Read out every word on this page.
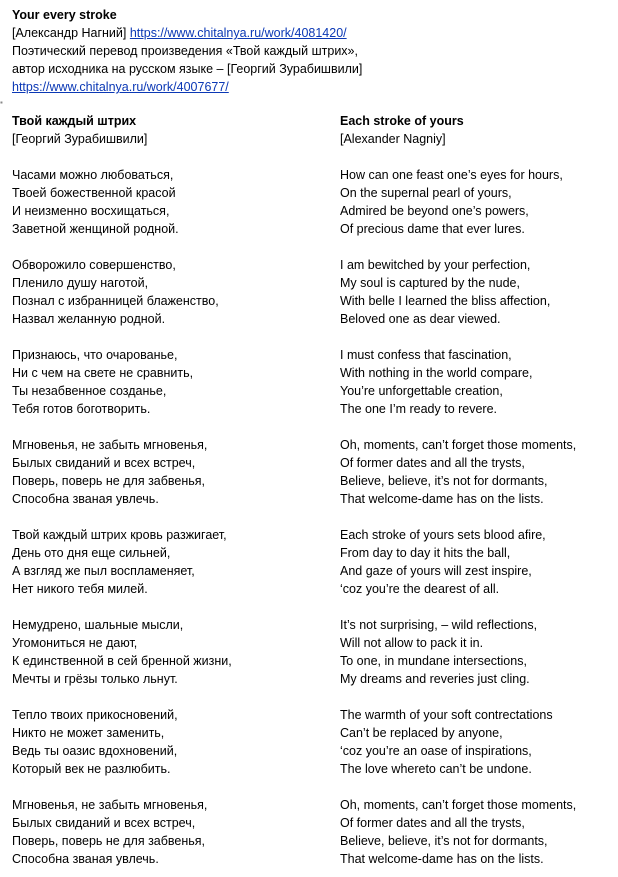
Your every stroke
[Александр Нагний] https://www.chitalnya.ru/work/4081420/
Поэтический перевод произведения «Твой каждый штрих»,
автор исходника на русском языке – [Георгий Зурабишвили]
https://www.chitalnya.ru/work/4007677/
▪
Твой каждый штрих
[Георгий Зурабишвили]
Часами можно любоваться,
Твоей божественной красой
И неизменно восхищаться,
Заветной женщиной родной.
Обворожило совершенство,
Пленило душу наготой,
Познал с избранницей блаженство,
Назвал желанную родной.
Признаюсь, что очарованье,
Ни с чем на свете не сравнить,
Ты незабвенное созданье,
Тебя готов боготворить.
Мгновенья, не забыть мгновенья,
Былых свиданий и всех встреч,
Поверь, поверь не для забвенья,
Способна званая увлечь.
Твой каждый штрих кровь разжигает,
День ото дня еще сильней,
А взгляд же пыл воспламеняет,
Нет никого тебя милей.
Немудрено, шальные мысли,
Угомониться не дают,
К единственной в сей бренной жизни,
Мечты и грёзы только льнут.
Тепло твоих прикосновений,
Никто не может заменить,
Ведь ты оазис вдохновений,
Который век не разлюбить.
Мгновенья, не забыть мгновенья,
Былых свиданий и всех встреч,
Поверь, поверь не для забвенья,
Способна званая увлечь.
Each stroke of yours
[Alexander Nagniy]
How can one feast one’s eyes for hours,
On the supernal pearl of yours,
Admired be beyond one’s powers,
Of precious dame that ever lures.
I am bewitched by your perfection,
My soul is captured by the nude,
With belle I learned the bliss affection,
Beloved one as dear viewed.
I must confess that fascination,
With nothing in the world compare,
You’re unforgettable creation,
The one I’m ready to revere.
Oh, moments, can’t forget those moments,
Of former dates and all the trysts,
Believe, believe, it’s not for dormants,
That welcome-dame has on the lists.
Each stroke of yours sets blood afire,
From day to day it hits the ball,
And gaze of yours will zest inspire,
‘coz you’re the dearest of all.
It’s not surprising, – wild reflections,
Will not allow to pack it in.
To one, in mundane intersections,
My dreams and reveries just cling.
The warmth of your soft contrectations
Can’t be replaced by anyone,
‘coz you’re an oase of inspirations,
The love whereto can’t be undone.
Oh, moments, can’t forget those moments,
Of former dates and all the trysts,
Believe, believe, it’s not for dormants,
That welcome-dame has on the lists.
